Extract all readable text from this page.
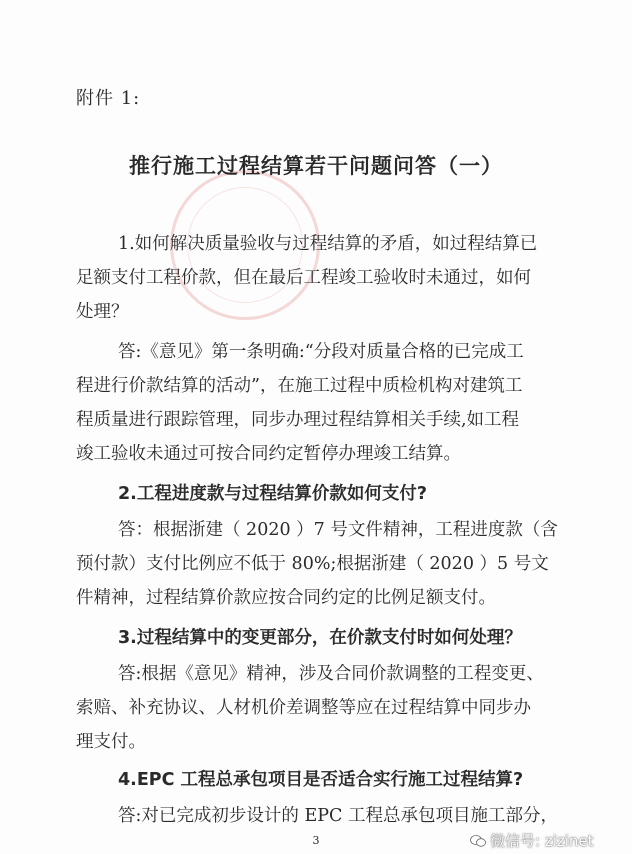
附件 1:
推行施工过程结算若干问题问答（一）
1.如何解决质量验收与过程结算的矛盾，如过程结算已
足额支付工程价款，但在最后工程竣工验收时未通过，如何
处理？
答:《意见》第一条明确:“分段对质量合格的已完成工
程进行价款结算的活动”，在施工过程中质检机构对建筑工
程质量进行跟踪管理，同步办理过程结算相关手续,如工程
竣工验收未通过可按合同约定暂停办理竣工结算。
2.工程进度款与过程结算价款如何支付?
答：根据浙建（ 2020 ）7 号文件精神，工程进度款（含
预付款）支付比例应不低于 80%;根据浙建（ 2020 ）5 号文
件精神，过程结算价款应按合同约定的比例足额支付。
3.过程结算中的变更部分，在价款支付时如何处理？
答:根据《意见》精神，涉及合同价款调整的工程变更、
索赔、补充协议、人材机价差调整等应在过程结算中同步办
理支付。
4.EPC 工程总承包项目是否适合实行施工过程结算?
答:对已完成初步设计的 EPC 工程总承包项目施工部分，
3	微信号: zizinet
